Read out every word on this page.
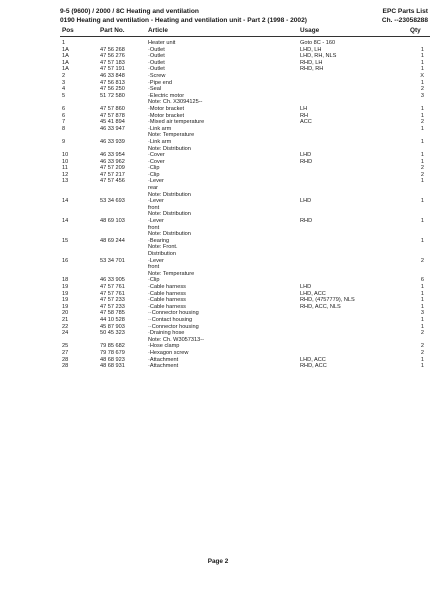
9-5 (9600) / 2000 / 8C Heating and ventilation	EPC Parts List
0190 Heating and ventilation - Heating and ventilation unit - Part 2 (1998 - 2002)	Ch. --23058288
Pos	Part No.	Article	Usage	Qty
1	Heater unit	Goto 8C - 160
1A	47 56 268	·Outlet	LHD, LH	1
1A	47 56 276	·Outlet	LHD, RH, NLS	1
1A	47 57 183	·Outlet	RHD, LH	1
1A	47 57 191	·Outlet	RHD, RH	1
2	46 33 848	·Screw	X
3	47 56 813	·Pipe end	1
4	47 56 250	·Seal	2
5	51 72 580	·Electric motor	3
Note: Ch. X3094125--
6	47 57 860	·Motor bracket	LH	1
6	47 57 878	·Motor bracket	RH	1
7	45 41 894	·Mixed air temperature	ACC	2
8	46 33 947	·Link arm	1
Note: Temperature
9	46 33 939	·Link arm	1
Note: Distribution
10	46 33 954	·Cover	LHD	1
10	46 33 962	·Cover	RHD	1
11	47 57 209	·Clip	2
12	47 57 217	·Clip	2
13	47 57 456	·Lever	1
rear
Note: Distribution
14	53 34 693	·Lever	LHD	1
front
Note: Distribution
14	48 69 103	·Lever	RHD	1
front
Note: Distribution
15	48 69 244	·Bearing	1
Note: Front.
Distribution
16	53 34 701	·Lever	2
front
Note: Temperature
18	46 33 905	·Clip	6
19	47 57 761	·Cable harness	LHD	1
19	47 57 761	·Cable harness	LHD, ACC	1
19	47 57 233	·Cable harness	RHD, (4757779), NLS	1
19	47 57 233	·Cable harness	RHD, ACC, NLS	1
20	47 58 785	··Connector housing	3
21	44 10 528	··Contact housing	1
22	45 87 903	··Connector housing	1
24	50 45 323	·Draining hose	2
Note: Ch. W3057313--
25	79 85 682	·Hose clamp	2
27	79 78 679	·Hexagon screw	2
28	48 68 923	·Attachment	LHD, ACC	1
28	48 68 931	·Attachment	RHD, ACC	1
Page 2
